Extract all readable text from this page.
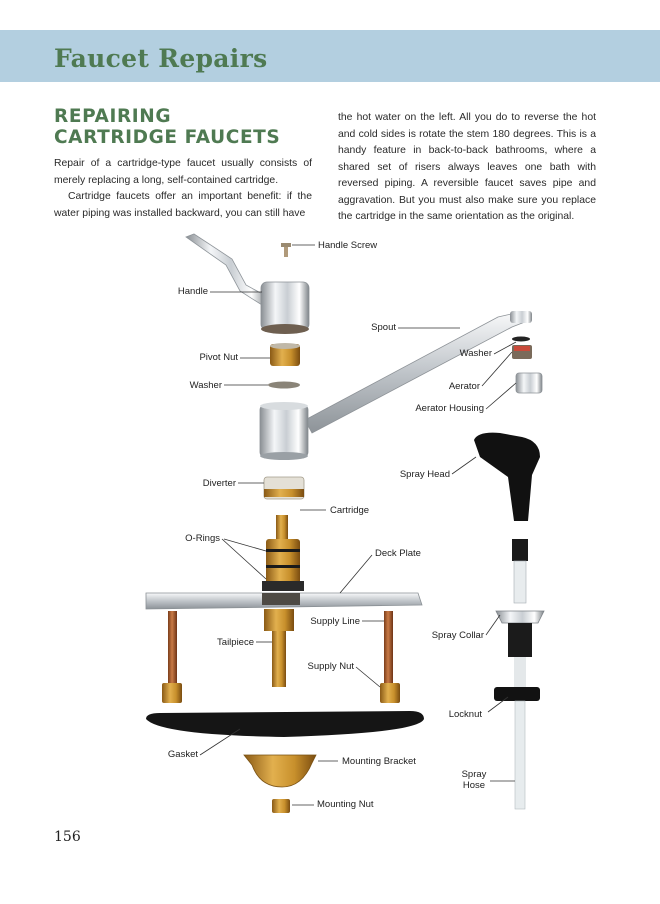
Faucet Repairs
REPAIRING
CARTRIDGE FAUCETS

Repair of a cartridge-type faucet usually consists of merely replacing a long, self-contained cartridge.

Cartridge faucets offer an important benefit: if the water piping was installed backward, you can still have

the hot water on the left. All you do to reverse the hot and cold sides is rotate the stem 180 degrees. This is a handy feature in back-to-back bathrooms, where a shared set of risers always leaves one bath with reversed piping. A reversible faucet saves pipe and aggravation. But you must also make sure you replace the cartridge in the same orientation as the original.

Handle Screw
Handle
Spout
Pivot Nut
Washer
Washer
Aerator
Aerator Housing
Spray Head
Diverter
Cartridge
O-Rings
Deck Plate
Supply Line
Spray Collar
Tailpiece
Supply Nut
Locknut
Gasket
Mounting Bracket
Spray
Hose
Mounting Nut
156
